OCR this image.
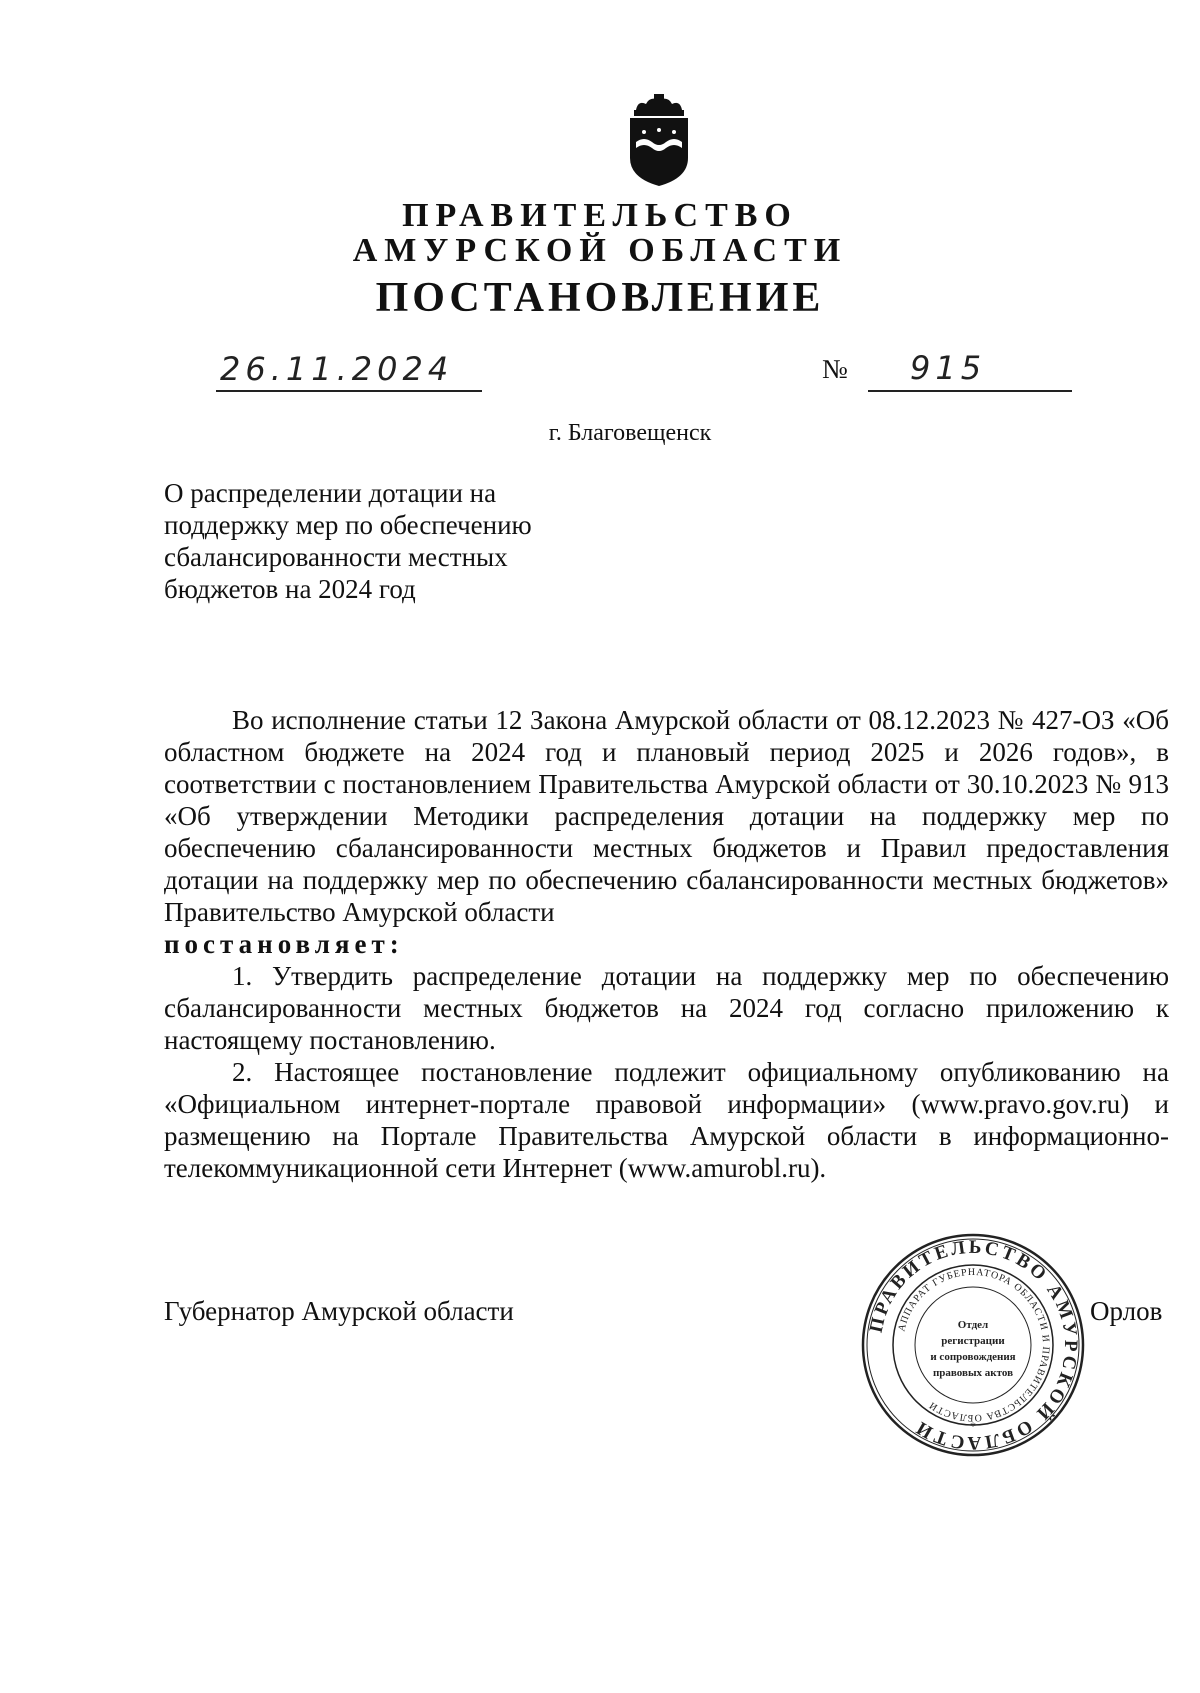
ПРАВИТЕЛЬСТВО
АМУРСКОЙ ОБЛАСТИ
ПОСТАНОВЛЕНИЕ
26.11.2024	№ 915
г. Благовещенск
О распределении дотации на поддержку мер по обеспечению сбалансированности местных бюджетов на 2024 год

Во исполнение статьи 12 Закона Амурской области от 08.12.2023 № 427-ОЗ «Об областном бюджете на 2024 год и плановый период 2025 и 2026 годов», в соответствии с постановлением Правительства Амурской области от 30.10.2023 № 913 «Об утверждении Методики распределения дотации на поддержку мер по обеспечению сбалансированности местных бюджетов и Правил предоставления дотации на поддержку мер по обеспечению сбалансированности местных бюджетов» Правительство Амурской области

постановляет:

1. Утвердить распределение дотации на поддержку мер по обеспечению сбалансированности местных бюджетов на 2024 год согласно приложению к настоящему постановлению.

2. Настоящее постановление подлежит официальному опубликованию на «Официальном интернет-портале правовой информации» (www.pravo.gov.ru) и размещению на Портале Правительства Амурской области в информационно-телекоммуникационной сети Интернет (www.amurobl.ru).

Губернатор Амурской области	ПРАВИТЕЛЬСТВО АМУРСКОЙ ОБЛАСТИ
АППАРАТ ГУБЕРНАТОРА ОБЛАСТИ И ПРАВИТЕЛЬСТВА ОБЛАСТИ
Отдел
регистрации
и сопровождения
правовых актов
*
Орлов
